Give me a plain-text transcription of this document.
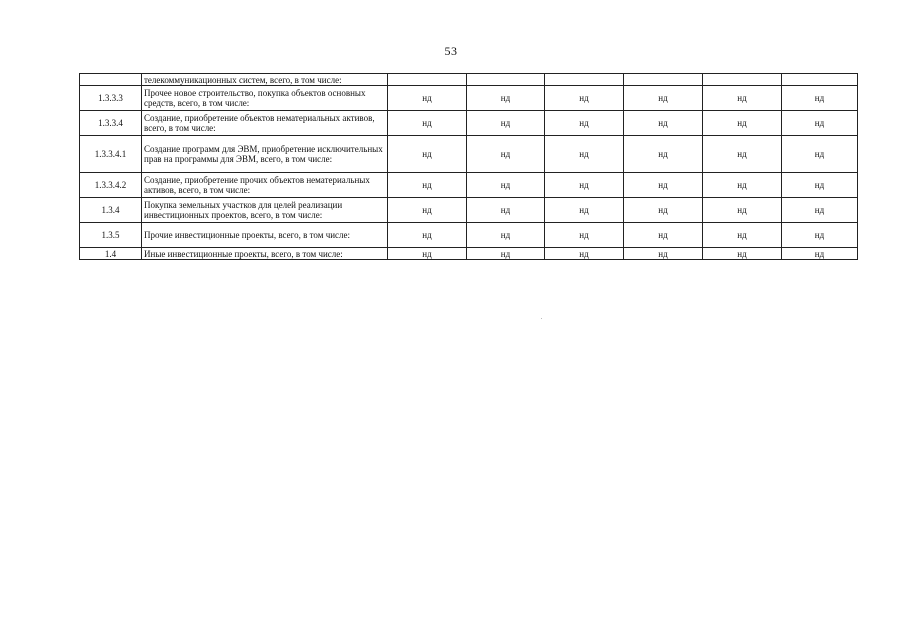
53
	телекоммуникационных систем, всего, в том числе:						
1.3.3.3	Прочее новое строительство, покупка объектов основных средств, всего, в том числе:	нд	нд	нд	нд	нд	нд
1.3.3.4	Создание, приобретение объектов нематериальных активов, всего, в том числе:	нд	нд	нд	нд	нд	нд
1.3.3.4.1	Создание программ для ЭВМ, приобретение исключительных прав на программы для ЭВМ, всего, в том числе:	нд	нд	нд	нд	нд	нд
1.3.3.4.2	Создание, приобретение прочих объектов нематериальных активов, всего, в том числе:	нд	нд	нд	нд	нд	нд
1.3.4	Покупка земельных участков для целей реализации инвестиционных проектов, всего, в том числе:	нд	нд	нд	нд	нд	нд
1.3.5	Прочие инвестиционные проекты, всего, в том числе:	нд	нд	нд	нд	нд	нд
1.4	Иные инвестиционные проекты, всего, в том числе:	нд	нд	нд	нд	нд	нд
